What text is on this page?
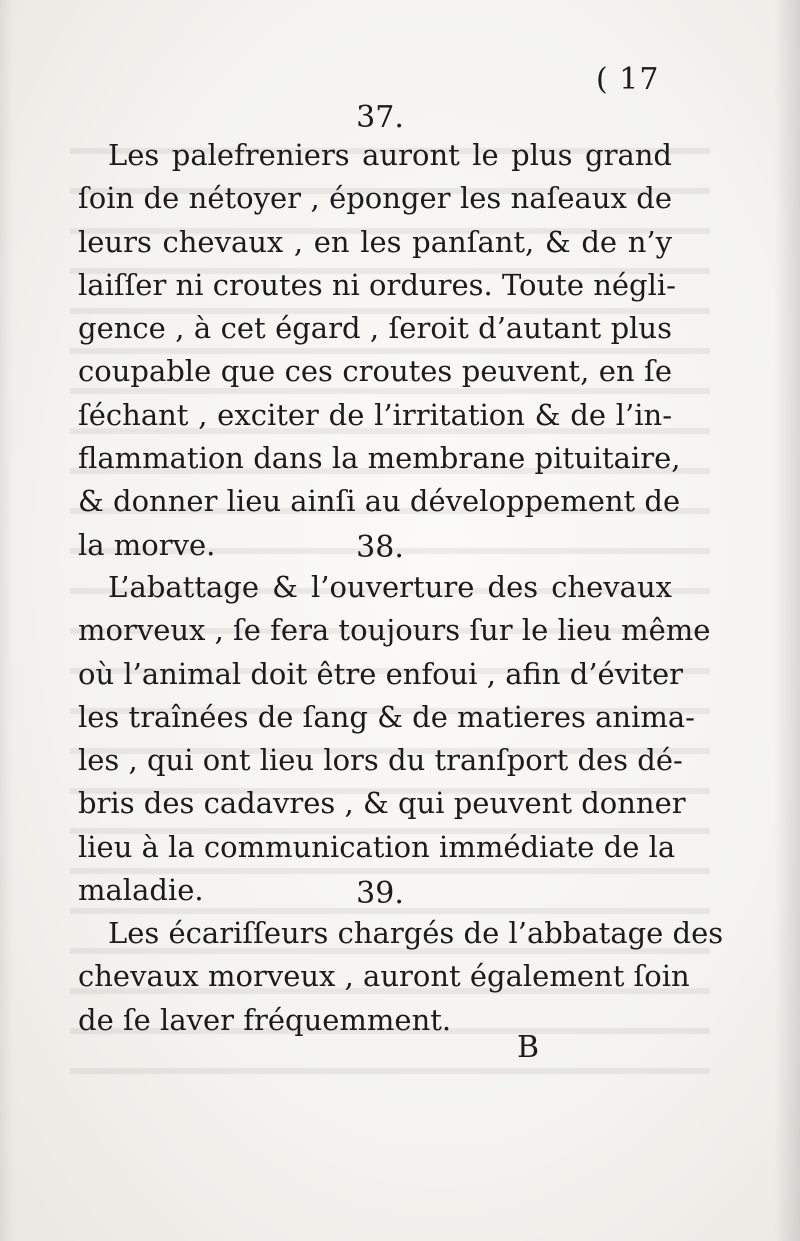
( 17
37.
Les palefreniers auront le plus grand
ſoin de nétoyer , éponger les naſeaux de
leurs chevaux , en les panſant, & de n’y
laiſſer ni croutes ni ordures. Toute négli-
gence , à cet égard , ſeroit d’autant plus
coupable que ces croutes peuvent, en ſe
ſéchant , exciter de l’irritation & de l’in-
flammation dans la membrane pituitaire,
& donner lieu ainſi au développement de
la morve.	38.
L’abattage & l’ouverture des chevaux
morveux , ſe fera toujours ſur le lieu même
où l’animal doit être enfoui , afin d’éviter
les traînées de ſang & de matieres anima-
les , qui ont lieu lors du tranſport des dé-
bris des cadavres , & qui peuvent donner
lieu à la communication immédiate de la
maladie.	39.
Les écariſſeurs chargés de l’abbatage des
chevaux morveux , auront également ſoin
de ſe laver fréquemment.
B
